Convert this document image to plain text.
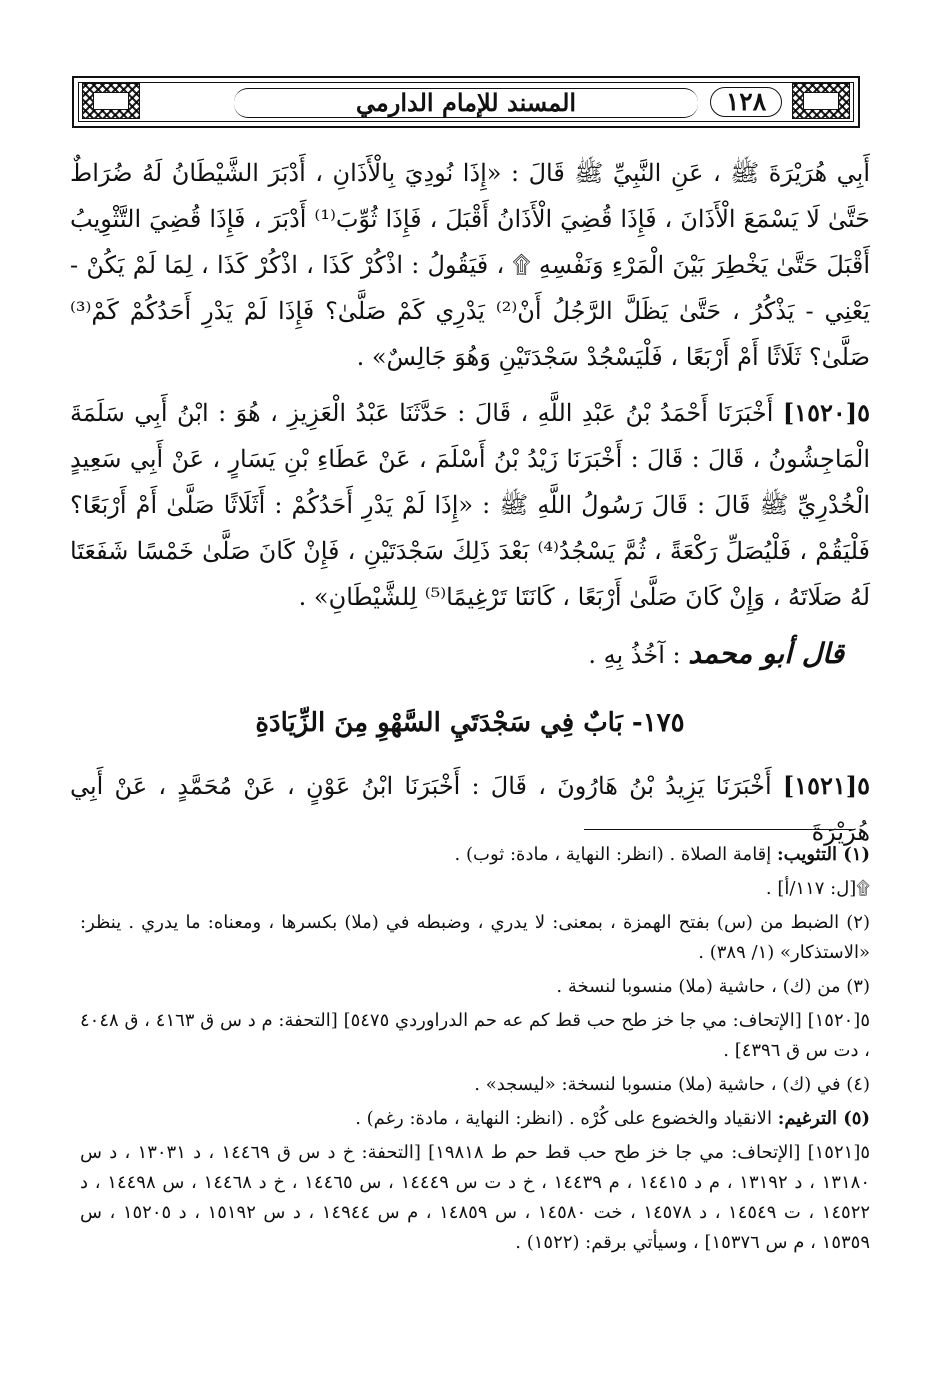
١٢٨
المسند للإمام الدارمي

أَبِي هُرَيْرَةَ ﷺ ، عَنِ النَّبِيِّ ﷺ قَالَ : «إِذَا نُودِيَ بِالْأَذَانِ ، أَدْبَرَ الشَّيْطَانُ لَهُ ضُرَاطٌ حَتَّىٰ لَا يَسْمَعَ الْأَذَانَ ، فَإِذَا قُضِيَ الْأَذَانُ أَقْبَلَ ، فَإِذَا ثُوِّبَ⁽¹⁾ أَدْبَرَ ، فَإِذَا قُضِيَ التَّثْوِيبُ أَقْبَلَ حَتَّىٰ يَخْطِرَ بَيْنَ الْمَرْءِ وَنَفْسِهِ ۩ ، فَيَقُولُ : اذْكُرْ كَذَا ، اذْكُرْ كَذَا ، لِمَا لَمْ يَكُنْ - يَعْنِي - يَذْكُرُ ، حَتَّىٰ يَظَلَّ الرَّجُلُ أَنْ⁽²⁾ يَدْرِي كَمْ صَلَّىٰ؟ فَإِذَا لَمْ يَدْرِ أَحَدُكُمْ كَمْ⁽³⁾ صَلَّىٰ؟ ثَلَاثًا أَمْ أَرْبَعًا ، فَلْيَسْجُدْ سَجْدَتَيْنِ وَهُوَ جَالِسٌ» .

٥[١٥٢٠] أَخْبَرَنَا أَحْمَدُ بْنُ عَبْدِ اللَّهِ ، قَالَ : حَدَّثَنَا عَبْدُ الْعَزِيزِ ، هُوَ : ابْنُ أَبِي سَلَمَةَ الْمَاجِشُونُ ، قَالَ : قَالَ : أَخْبَرَنَا زَيْدُ بْنُ أَسْلَمَ ، عَنْ عَطَاءِ بْنِ يَسَارٍ ، عَنْ أَبِي سَعِيدٍ الْخُدْرِيِّ ﷺ قَالَ : قَالَ رَسُولُ اللَّهِ ﷺ : «إِذَا لَمْ يَدْرِ أَحَدُكُمْ : أَثَلَاثًا صَلَّىٰ أَمْ أَرْبَعًا؟ فَلْيَقُمْ ، فَلْيُصَلِّ رَكْعَةً ، ثُمَّ يَسْجُدُ⁽⁴⁾ بَعْدَ ذَلِكَ سَجْدَتَيْنِ ، فَإِنْ كَانَ صَلَّىٰ خَمْسًا شَفَعَتَا لَهُ صَلَاتَهُ ، وَإِنْ كَانَ صَلَّىٰ أَرْبَعًا ، كَانَتَا تَرْغِيمًا⁽⁵⁾ لِلشَّيْطَانِ» .

قال أبو محمد : آخُذُ بِهِ .

١٧٥- بَابٌ فِي سَجْدَتَيِ السَّهْوِ مِنَ الزِّيَادَةِ

٥[١٥٢١] أَخْبَرَنَا يَزِيدُ بْنُ هَارُونَ ، قَالَ : أَخْبَرَنَا ابْنُ عَوْنٍ ، عَنْ مُحَمَّدٍ ، عَنْ أَبِي هُرَيْرَةَ

(١) التثويب: إقامة الصلاة . (انظر: النهاية ، مادة: ثوب) .

۩[ل: ١١٧/أ] .

(٢) الضبط من (س) بفتح الهمزة ، بمعنى: لا يدري ، وضبطه في (ملا) بكسرها ، ومعناه: ما يدري . ينظر: «الاستذكار» (١/ ٣٨٩) .

(٣) من (ك) ، حاشية (ملا) منسوبا لنسخة .

٥[١٥٢٠] [الإتحاف: مي جا خز طح حب قط كم عه حم الدراوردي ٥٤٧٥] [التحفة: م د س ق ٤١٦٣ ، ق ٤٠٤٨ ، دت س ق ٤٣٩٦] .

(٤) في (ك) ، حاشية (ملا) منسوبا لنسخة: «ليسجد» .

(٥) الترغيم: الانقياد والخضوع على كُرْه . (انظر: النهاية ، مادة: رغم) .

٥[١٥٢١] [الإتحاف: مي جا خز طح حب قط حم ط ١٩٨١٨] [التحفة: خ د س ق ١٤٤٦٩ ، د ١٣٠٣١ ، د س ١٣١٨٠ ، د ١٣١٩٢ ، م د ١٤٤١٥ ، م ١٤٤٣٩ ، خ د ت س ١٤٤٤٩ ، س ١٤٤٦٥ ، خ د ١٤٤٦٨ ، س ١٤٤٩٨ ، د ١٤٥٢٢ ، ت ١٤٥٤٩ ، د ١٤٥٧٨ ، خت ١٤٥٨٠ ، س ١٤٨٥٩ ، م س ١٤٩٤٤ ، د س ١٥١٩٢ ، د ١٥٢٠٥ ، س ١٥٣٥٩ ، م س ١٥٣٧٦] ، وسيأتي برقم: (١٥٢٢) .
